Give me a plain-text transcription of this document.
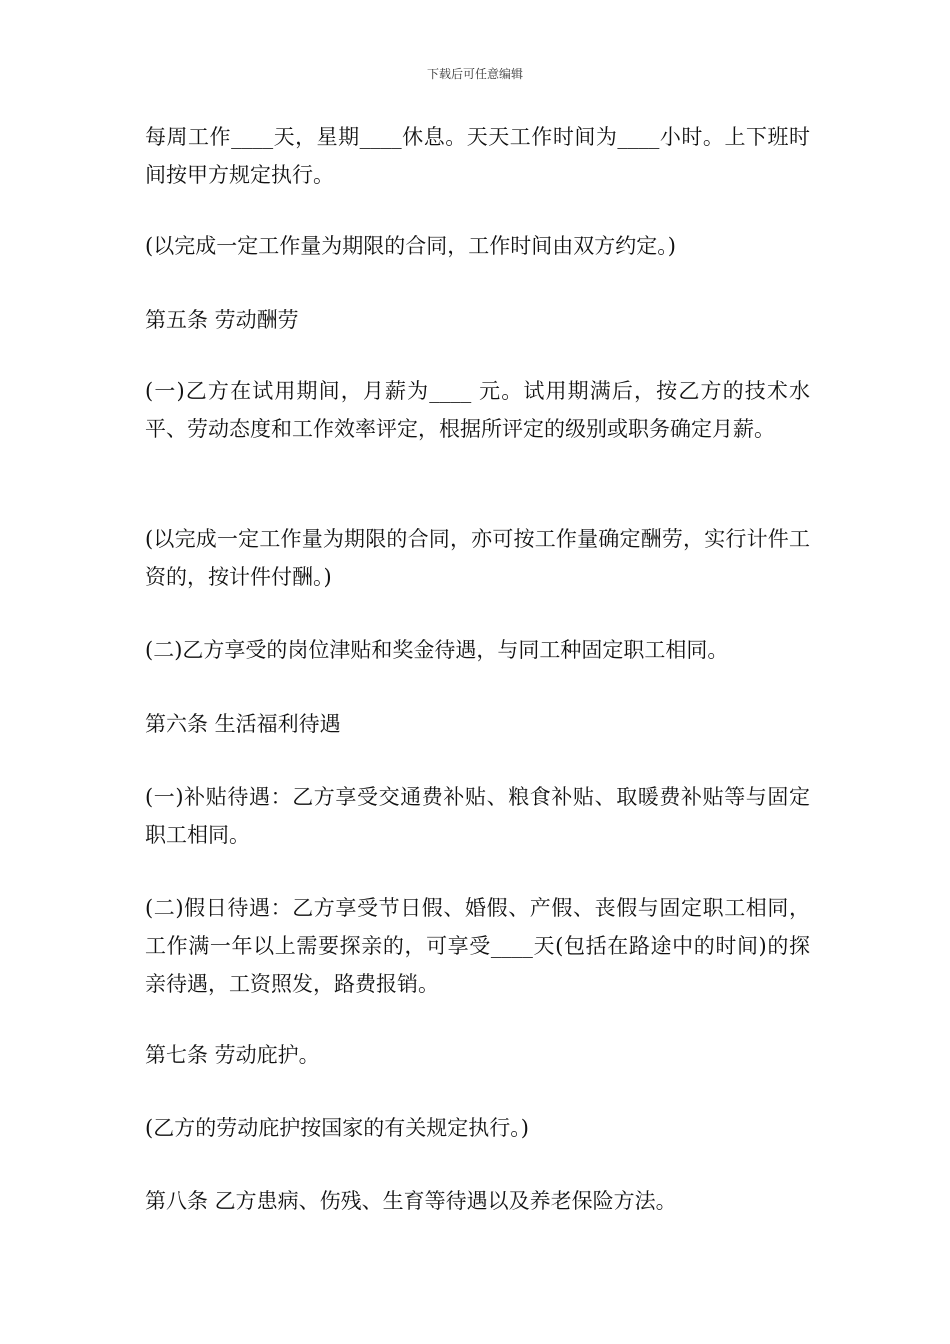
下载后可任意编辑

每周工作____天，星期____休息。天天工作时间为____小时。上下班时间按甲方规定执行。

(以完成一定工作量为期限的合同，工作时间由双方约定。)

第五条 劳动酬劳

(一)乙方在试用期间，月薪为____ 元。试用期满后，按乙方的技术水平、劳动态度和工作效率评定，根据所评定的级别或职务确定月薪。

(以完成一定工作量为期限的合同，亦可按工作量确定酬劳，实行计件工资的，按计件付酬。)

(二)乙方享受的岗位津贴和奖金待遇，与同工种固定职工相同。

第六条 生活福利待遇

(一)补贴待遇：乙方享受交通费补贴、粮食补贴、取暖费补贴等与固定职工相同。

(二)假日待遇：乙方享受节日假、婚假、产假、丧假与固定职工相同，工作满一年以上需要探亲的，可享受____天(包括在路途中的时间)的探亲待遇，工资照发，路费报销。

第七条 劳动庇护。

(乙方的劳动庇护按国家的有关规定执行。)

第八条 乙方患病、伤残、生育等待遇以及养老保险方法。
